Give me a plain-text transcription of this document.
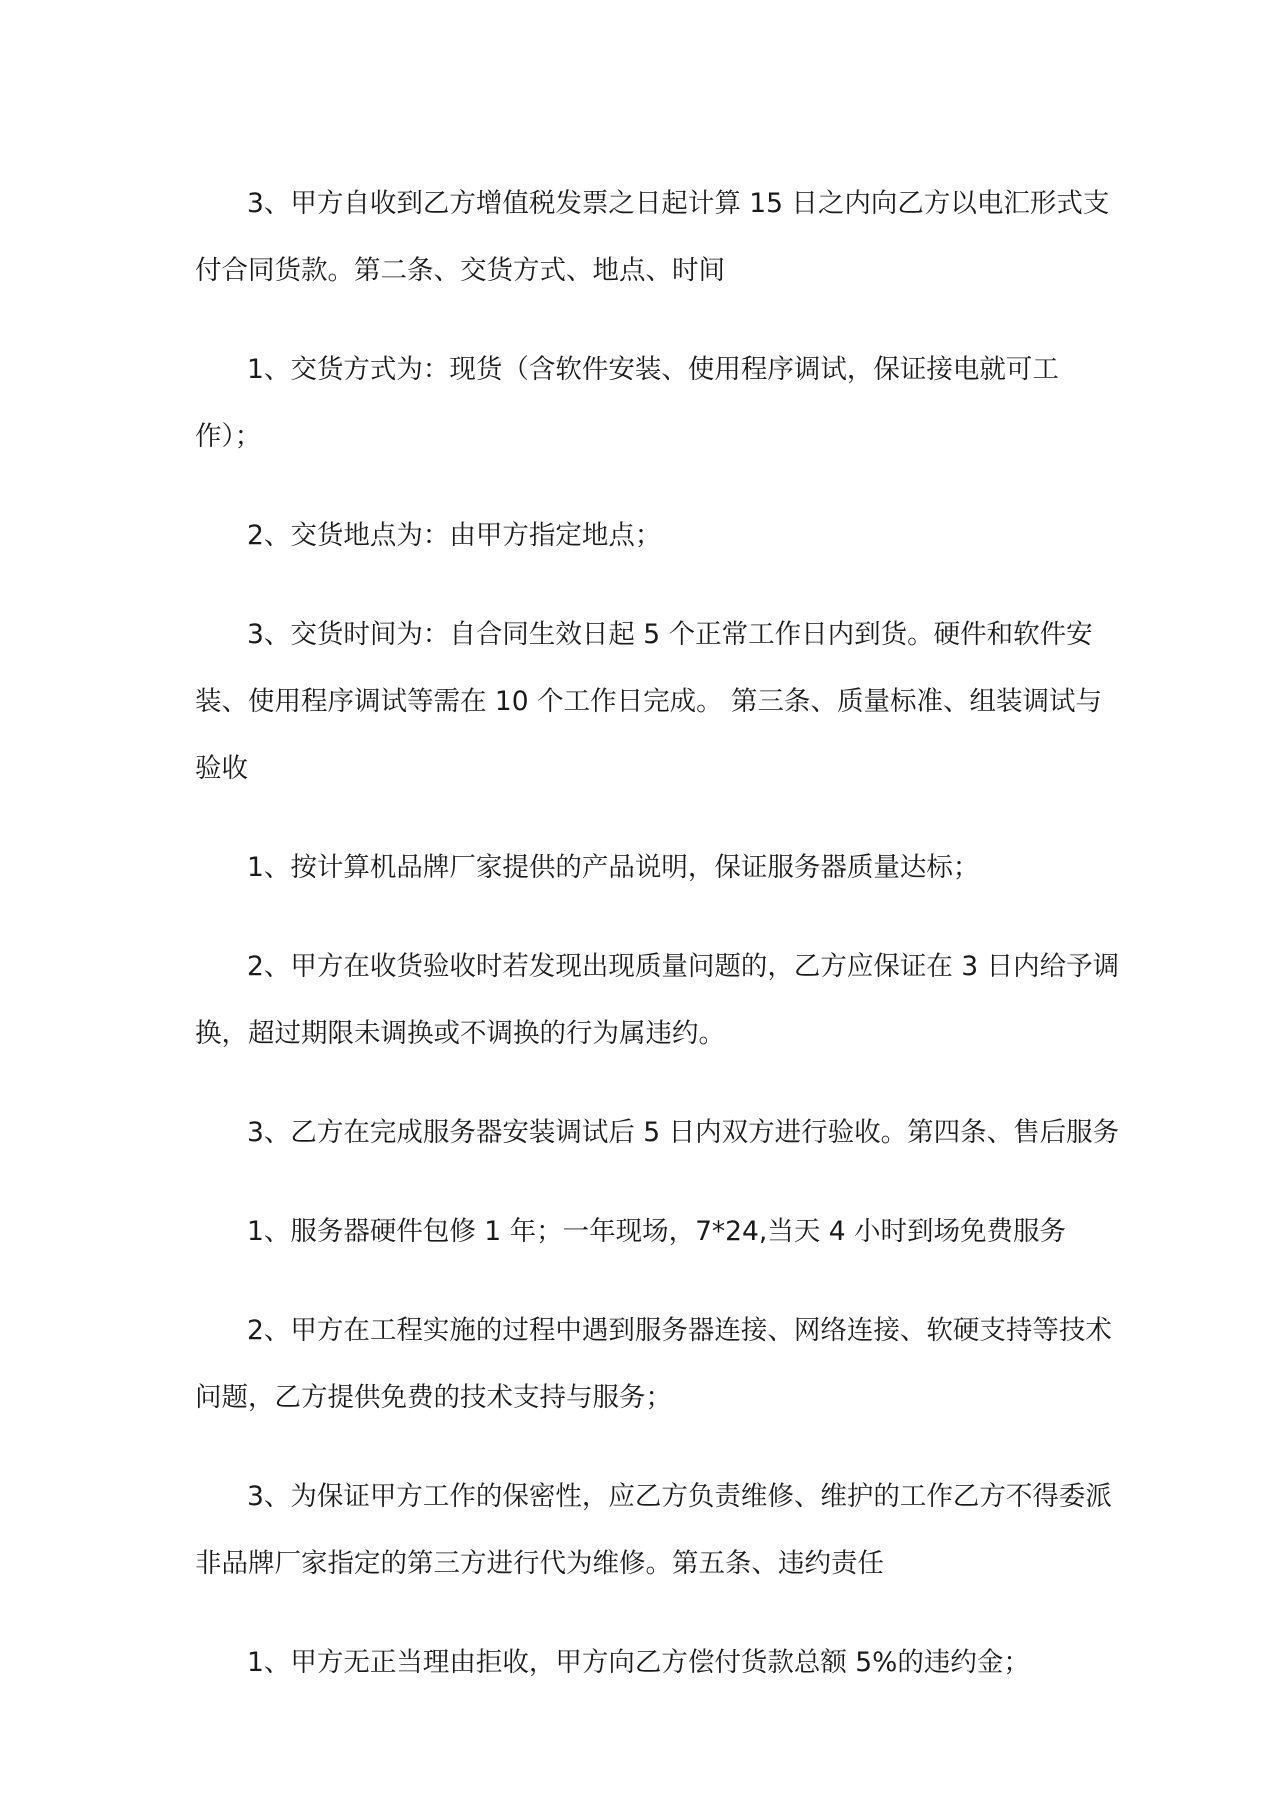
3、甲方自收到乙方增值税发票之日起计算 15 日之内向乙方以电汇形式支
付合同货款。第二条、交货方式、地点、时间
1、交货方式为：现货（含软件安装、使用程序调试，保证接电就可工
作）；
2、交货地点为：由甲方指定地点；
3、交货时间为：自合同生效日起 5 个正常工作日内到货。硬件和软件安
装、使用程序调试等需在 10 个工作日完成。 第三条、质量标准、组装调试与
验收
1、按计算机品牌厂家提供的产品说明，保证服务器质量达标；
2、甲方在收货验收时若发现出现质量问题的，乙方应保证在 3 日内给予调
换，超过期限未调换或不调换的行为属违约。
3、乙方在完成服务器安装调试后 5 日内双方进行验收。第四条、售后服务
1、服务器硬件包修 1 年；一年现场，7*24,当天 4 小时到场免费服务
2、甲方在工程实施的过程中遇到服务器连接、网络连接、软硬支持等技术
问题，乙方提供免费的技术支持与服务；
3、为保证甲方工作的保密性，应乙方负责维修、维护的工作乙方不得委派
非品牌厂家指定的第三方进行代为维修。第五条、违约责任
1、甲方无正当理由拒收，甲方向乙方偿付货款总额 5%的违约金；
